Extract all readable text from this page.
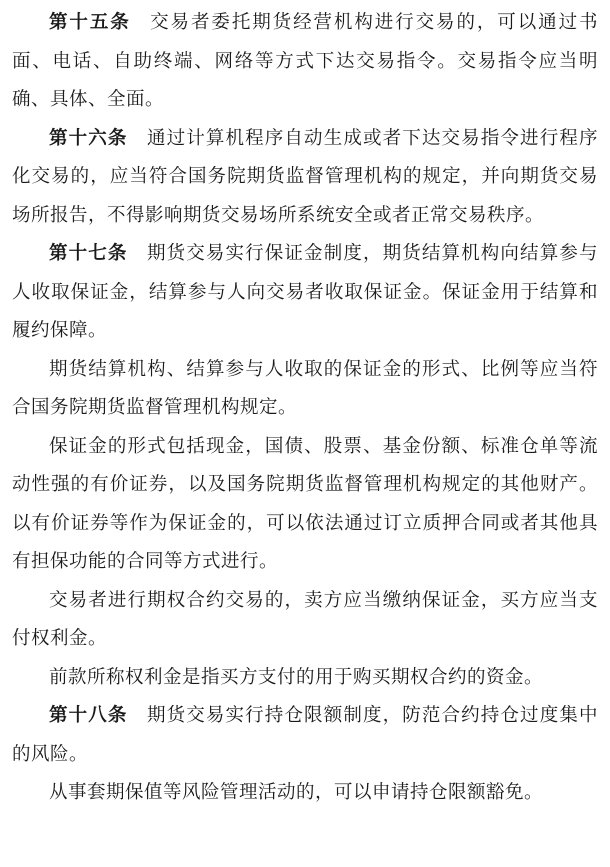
第十五条 交易者委托期货经营机构进行交易的，可以通过书面、电话、自助终端、网络等方式下达交易指令。交易指令应当明确、具体、全面。

第十六条 通过计算机程序自动生成或者下达交易指令进行程序化交易的，应当符合国务院期货监督管理机构的规定，并向期货交易场所报告，不得影响期货交易场所系统安全或者正常交易秩序。

第十七条 期货交易实行保证金制度，期货结算机构向结算参与人收取保证金，结算参与人向交易者收取保证金。保证金用于结算和履约保障。

期货结算机构、结算参与人收取的保证金的形式、比例等应当符合国务院期货监督管理机构规定。

保证金的形式包括现金，国债、股票、基金份额、标准仓单等流动性强的有价证券，以及国务院期货监督管理机构规定的其他财产。以有价证券等作为保证金的，可以依法通过订立质押合同或者其他具有担保功能的合同等方式进行。

交易者进行期权合约交易的，卖方应当缴纳保证金，买方应当支付权利金。

前款所称权利金是指买方支付的用于购买期权合约的资金。

第十八条 期货交易实行持仓限额制度，防范合约持仓过度集中的风险。

从事套期保值等风险管理活动的，可以申请持仓限额豁免。
